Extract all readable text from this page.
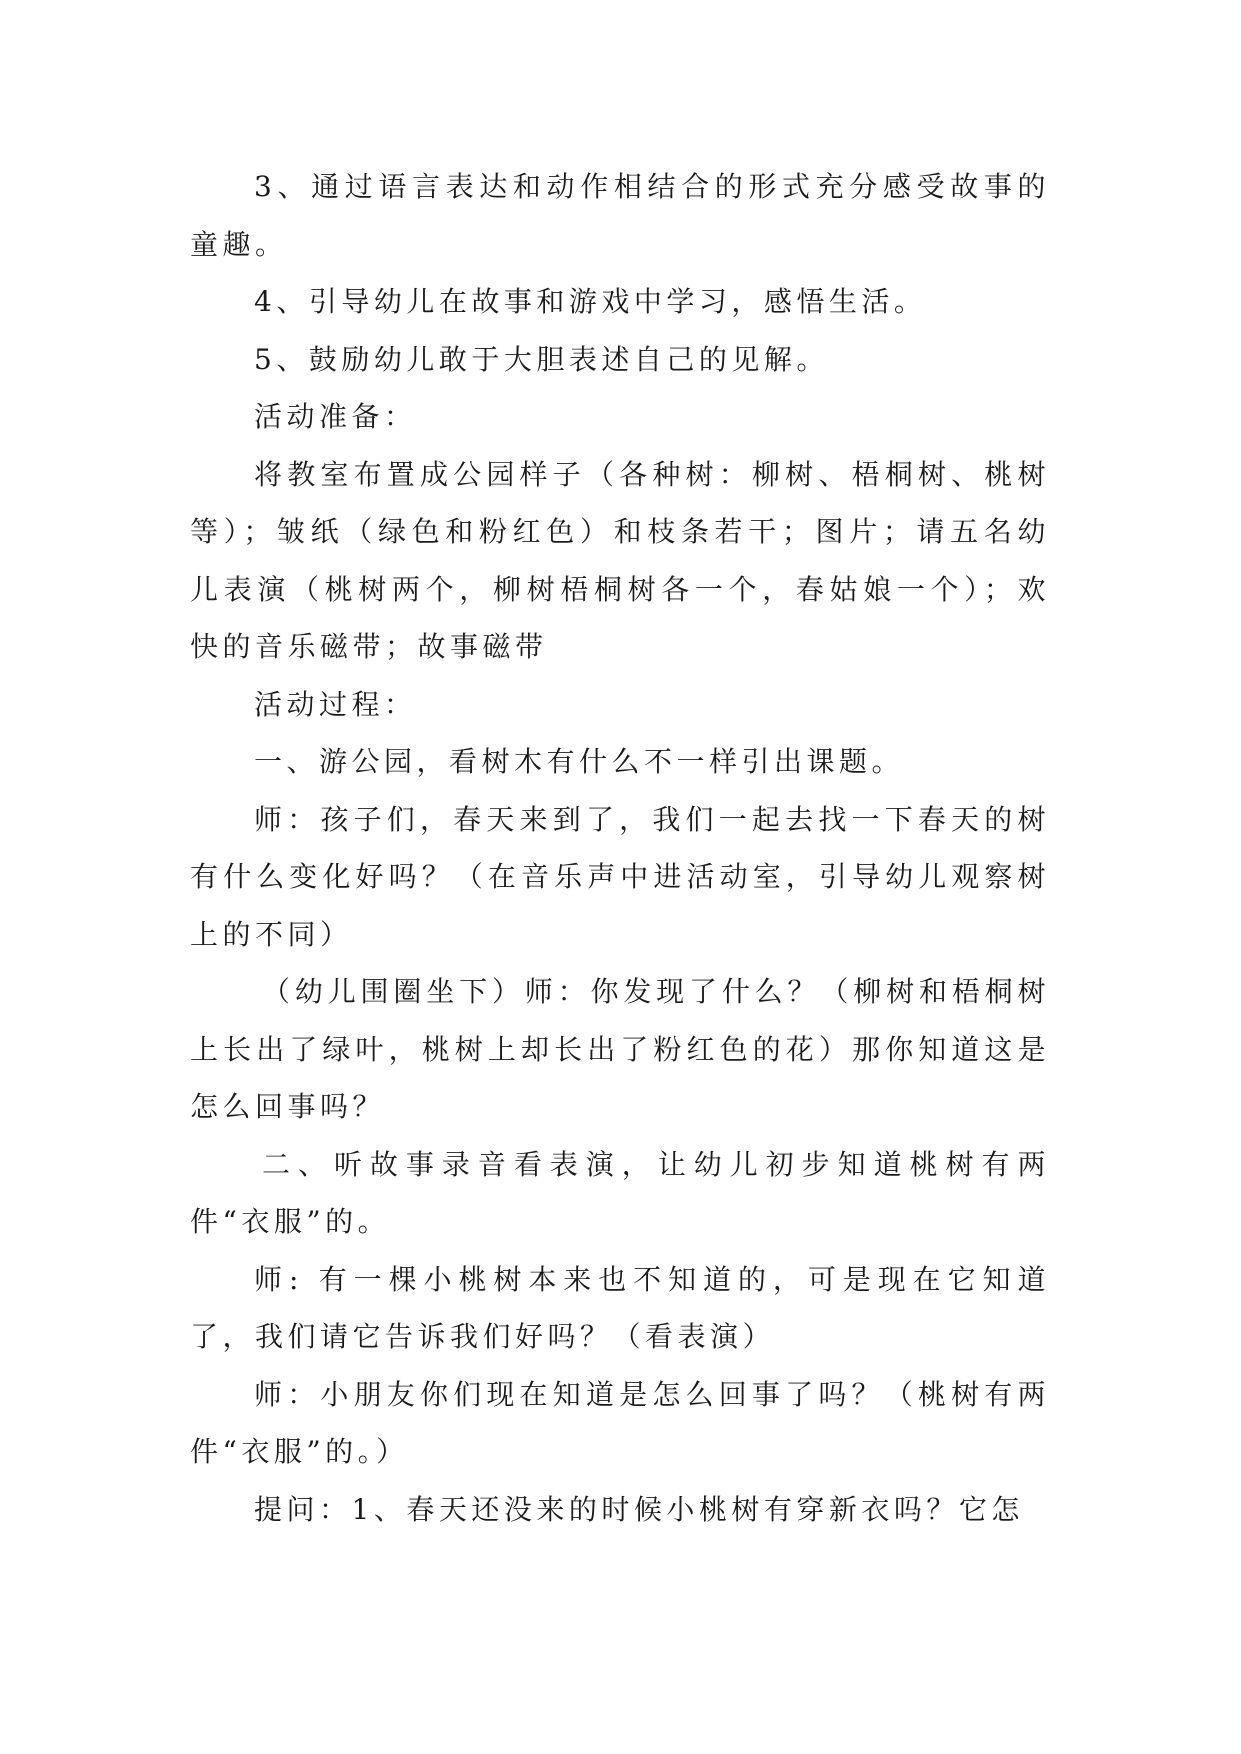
3、通过语言表达和动作相结合的形式充分感受故事的童趣。

4、引导幼儿在故事和游戏中学习，感悟生活。

5、鼓励幼儿敢于大胆表述自己的见解。

活动准备：

将教室布置成公园样子（各种树：柳树、梧桐树、桃树等）；皱纸（绿色和粉红色）和枝条若干；图片；请五名幼儿表演（桃树两个，柳树梧桐树各一个，春姑娘一个）；欢快的音乐磁带；故事磁带

活动过程：

一、游公园，看树木有什么不一样引出课题。

师：孩子们，春天来到了，我们一起去找一下春天的树有什么变化好吗？（在音乐声中进活动室，引导幼儿观察树上的不同）

（幼儿围圈坐下）师：你发现了什么？（柳树和梧桐树上长出了绿叶，桃树上却长出了粉红色的花）那你知道这是怎么回事吗？

二、听故事录音看表演，让幼儿初步知道桃树有两件“衣服”的。

师: 有一棵小桃树本来也不知道的，可是现在它知道了，我们请它告诉我们好吗？（看表演）

师：小朋友你们现在知道是怎么回事了吗？（桃树有两件“衣服”的。）

提问：1、春天还没来的时候小桃树有穿新衣吗？它怎
